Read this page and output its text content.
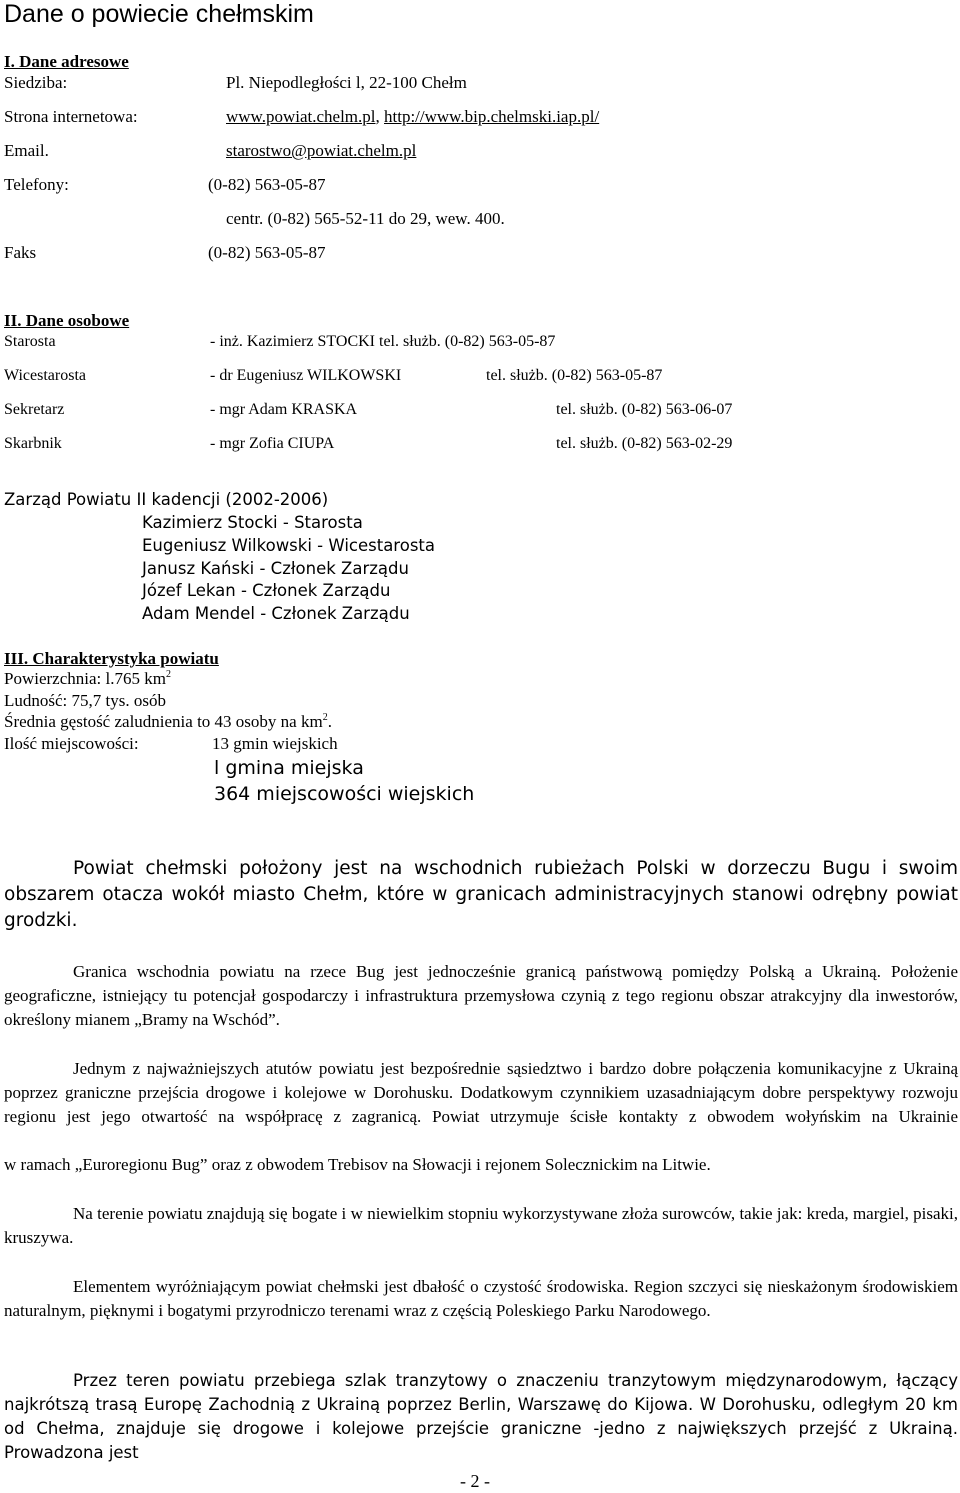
Dane o powiecie chełmskim
I. Dane adresowe
Siedziba:	Pl. Niepodległości l, 22-100 Chełm
Strona internetowa:	www.powiat.chelm.pl, http://www.bip.chelmski.iap.pl/
Email.	starostwo@powiat.chelm.pl
Telefony:	(0-82) 563-05-87
centr. (0-82) 565-52-11 do 29, wew. 400.
Faks	(0-82) 563-05-87
II. Dane osobowe
Starosta	- inż. Kazimierz STOCKI tel. służb. (0-82) 563-05-87
Wicestarosta	- dr Eugeniusz WILKOWSKI	tel. służb. (0-82) 563-05-87
Sekretarz	- mgr Adam KRASKA	tel. służb. (0-82) 563-06-07
Skarbnik	- mgr Zofia CIUPA	tel. służb. (0-82) 563-02-29
Zarząd Powiatu II kadencji (2002-2006)
Kazimierz Stocki - Starosta
Eugeniusz Wilkowski - Wicestarosta
Janusz Kański - Członek Zarządu
Józef Lekan - Członek Zarządu
Adam Mendel - Członek Zarządu
III. Charakterystyka powiatu
Powierzchnia: l.765 $km^2$
Ludność: 75,7 tys. osób
Średnia gęstość zaludnienia to 43 osoby na $km^2$.
Ilość miejscowości:	13 gmin wiejskich
l gmina miejska
364 miejscowości wiejskich
Powiat chełmski położony jest na wschodnich rubieżach Polski w dorzeczu Bugu i swoim obszarem otacza wokół miasto Chełm, które w granicach administracyjnych stanowi odrębny powiat grodzki.
Granica wschodnia powiatu na rzece Bug jest jednocześnie granicą państwową pomiędzy Polską a Ukrainą. Położenie geograficzne, istniejący tu potencjał gospodarczy i infrastruktura przemysłowa czynią z tego regionu obszar atrakcyjny dla inwestorów, określony mianem „Bramy na Wschód”.
Jednym z najważniejszych atutów powiatu jest bezpośrednie sąsiedztwo i bardzo dobre połączenia komunikacyjne z Ukrainą poprzez graniczne przejścia drogowe i kolejowe w Dorohusku. Dodatkowym czynnikiem uzasadniającym dobre perspektywy rozwoju regionu jest jego otwartość na współpracę z zagranicą. Powiat utrzymuje ścisłe kontakty z obwodem wołyńskim na Ukrainie
w ramach „Euroregionu Bug” oraz z obwodem Trebisov na Słowacji i rejonem Solecznickim na Litwie.
Na terenie powiatu znajdują się bogate i w niewielkim stopniu wykorzystywane złoża surowców, takie jak: kreda, margiel, pisaki, kruszywa.
Elementem wyróżniającym powiat chełmski jest dbałość o czystość środowiska. Region szczyci się nieskażonym środowiskiem naturalnym, pięknymi i bogatymi przyrodniczo terenami wraz z częścią Poleskiego Parku Narodowego.
Przez teren powiatu przebiega szlak tranzytowy o znaczeniu tranzytowym międzynarodowym, łączący najkrótszą trasą Europę Zachodnią z Ukrainą poprzez Berlin, Warszawę do Kijowa. W Dorohusku, odległym 20 km od Chełma, znajduje się drogowe i kolejowe przejście graniczne -jedno z największych przejść z Ukrainą. Prowadzona jest
- 2 -
